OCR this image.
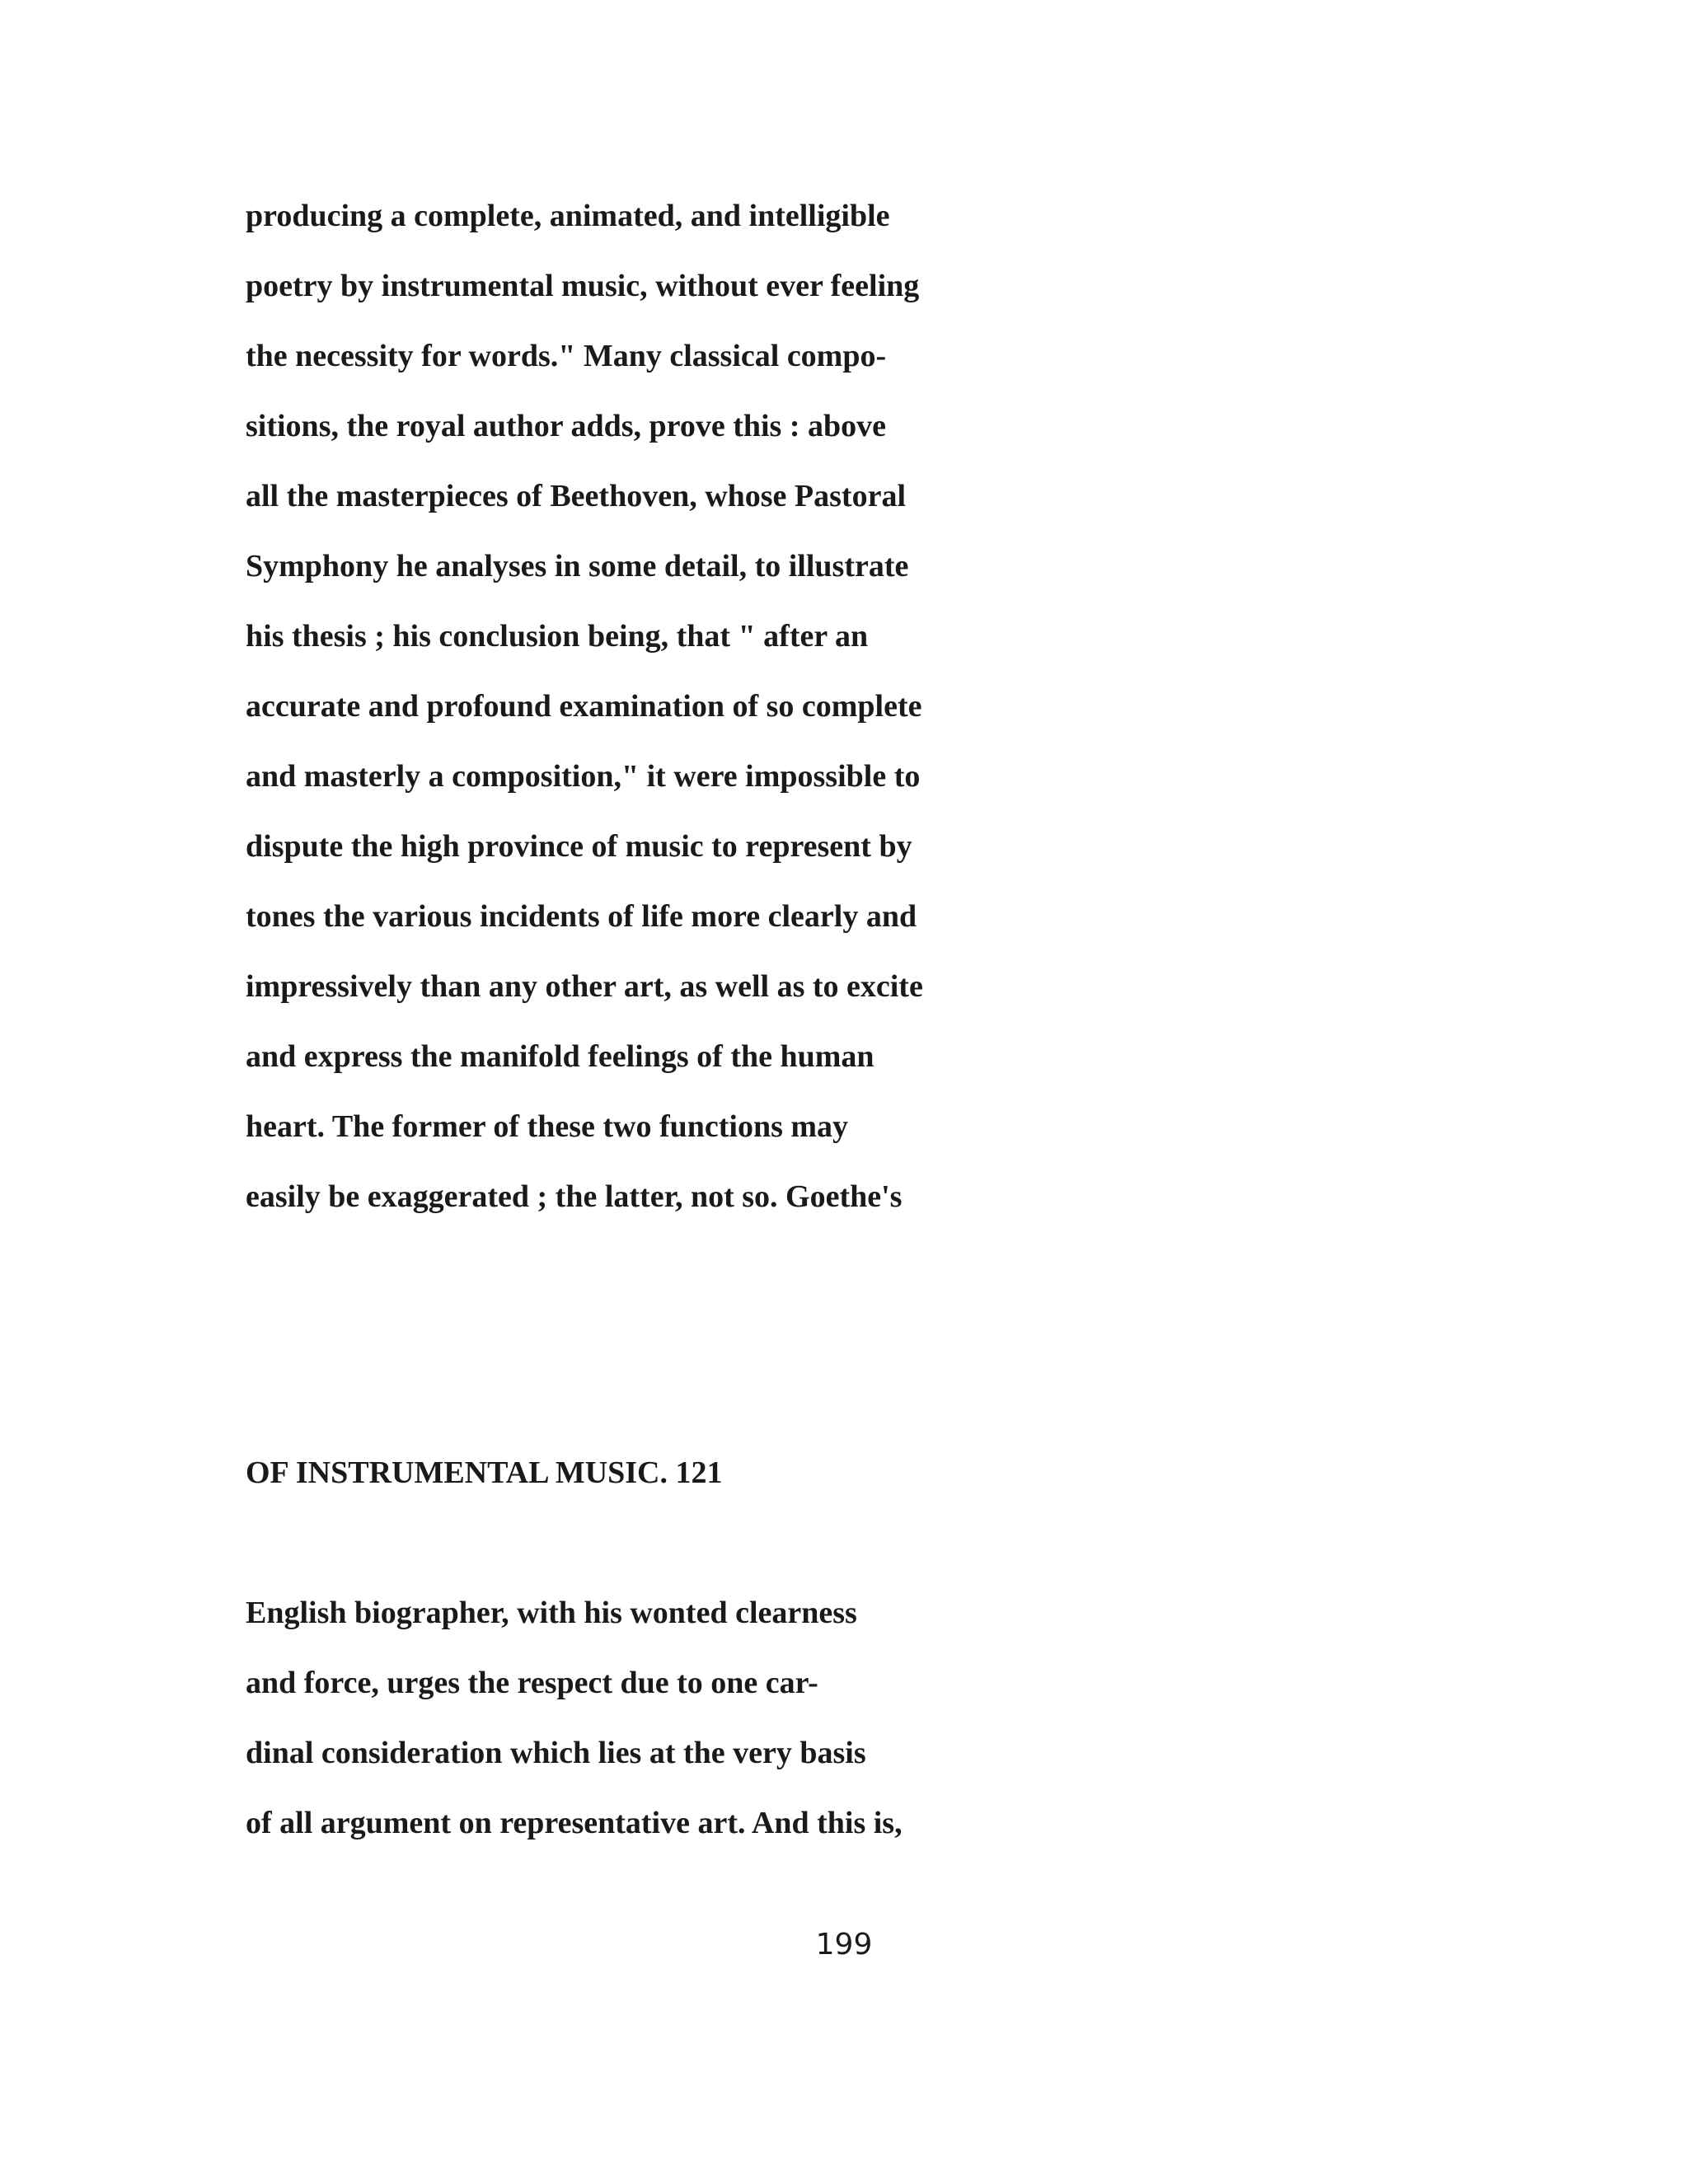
producing a complete, animated, and intelligible
poetry by instrumental music, without ever feeling
the necessity for words." Many classical compo-
sitions, the royal author adds, prove this : above
all the masterpieces of Beethoven, whose Pastoral
Symphony he analyses in some detail, to illustrate
his thesis ; his conclusion being, that " after an
accurate and profound examination of so complete
and masterly a composition," it were impossible to
dispute the high province of music to represent by
tones the various incidents of life more clearly and
impressively than any other art, as well as to excite
and express the manifold feelings of the human
heart. The former of these two functions may
easily be exaggerated ; the latter, not so. Goethe's
OF INSTRUMENTAL MUSIC. 121
English biographer, with his wonted clearness
and force, urges the respect due to one car-
dinal consideration which lies at the very basis
of all argument on representative art. And this is,
199
